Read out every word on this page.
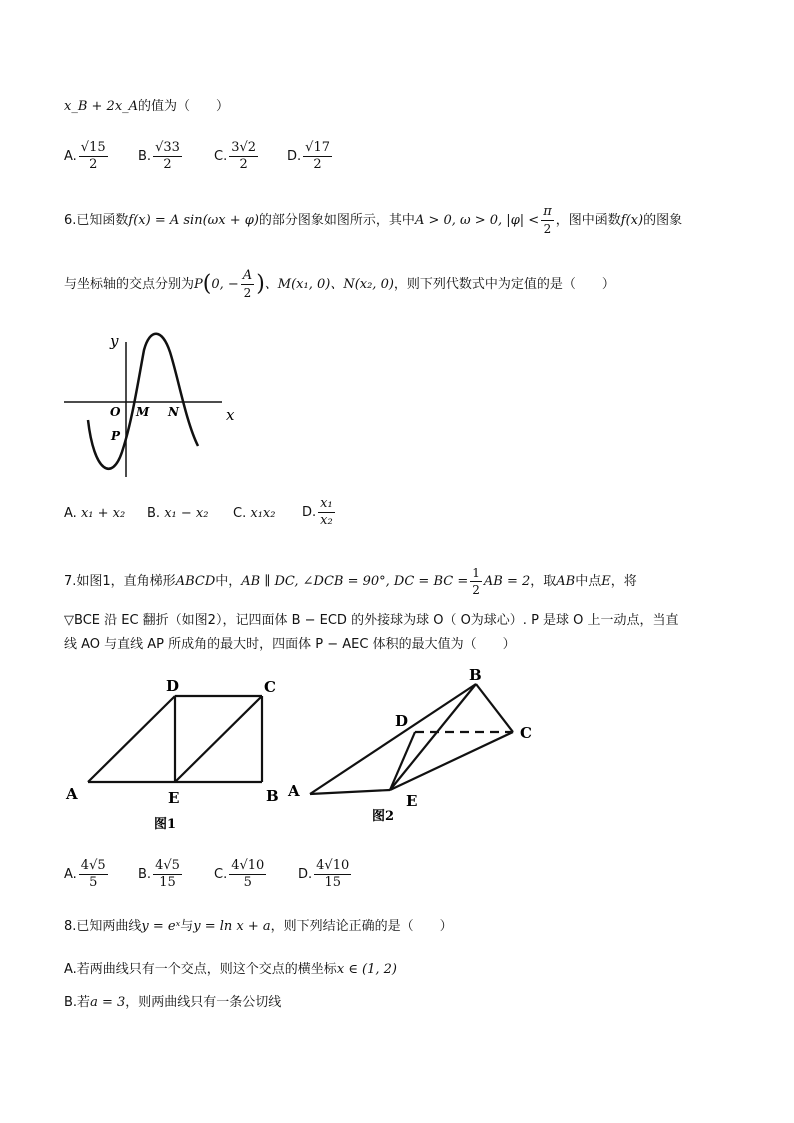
x_B + 2x_A的值为（　　）
A. $\frac{√15}{2} B$. $\frac{√33}{2} C$. $\frac{3√2}{2} D$. $\frac{√17}{2}$
6.已知函数f(x) = A sin(ωx + φ)的部分图象如图所示，其中A > 0, ω > 0, $|\varphi| < \frac{\pi}{2}$ ，图中函数f(x)的图象
与坐标轴的交点分别为P(0, − $\frac{A}{2}$ )、M(x₁, 0)、N(x₂, 0)，则下列代数式中为定值的是（　　）
y
x
O M N
P
A. x₁ + x₂ B. x₁ − x₂ C. x₁x₂ D. $\frac{\text{x₁}}{\text{x₂}}$
7.如图1，直角梯形ABCD中，AB ∥ DC, ∠DCB = 90°, DC = BC = $\frac{1}{2}$ AB = 2，取AB中点E，将
▽BCE 沿 EC 翻折（如图2），记四面体 B − ECD 的外接球为球 O（ O为球心）. P 是球 O 上一动点，当直
线 AO 与直线 AP 所成角的最大时，四面体 P − AEC 体积的最大值为（　　）
A
D	C
E	B
图1
A
B
C
D
E
图2
A. $\frac{4√5}{5} B$. $\frac{4√5}{15} C$. $\frac{4√10}{5} D$. $\frac{4√10}{15}$
8.已知两曲线y = eˣ与y = ln x + a，则下列结论正确的是（　　）
A.若两曲线只有一个交点，则这个交点的横坐标x ∈ (1, 2)
B.若a = 3，则两曲线只有一条公切线
